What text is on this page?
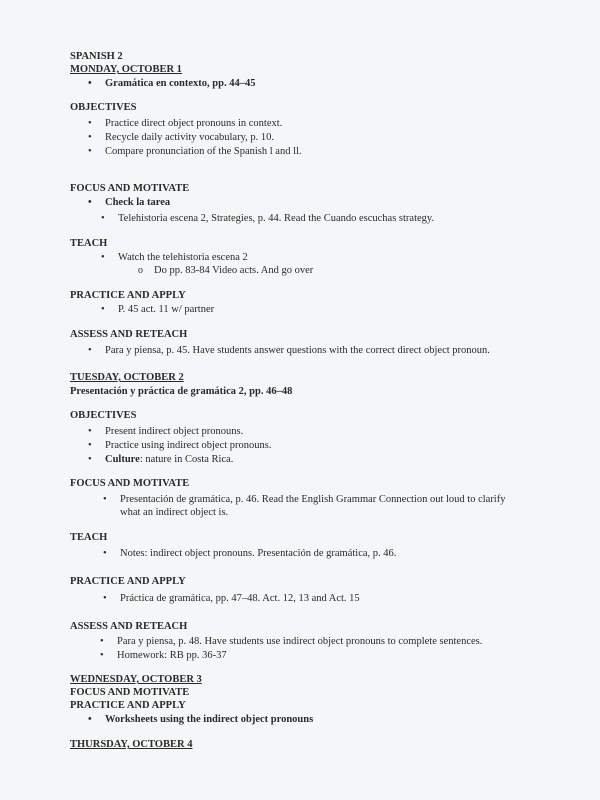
SPANISH 2
MONDAY, OCTOBER 1
• Gramática en contexto, pp. 44–45
OBJECTIVES
• Practice direct object pronouns in context.
• Recycle daily activity vocabulary, p. 10.
• Compare pronunciation of the Spanish l and ll.
FOCUS AND MOTIVATE
• Check la tarea
• Telehistoria escena 2, Strategies, p. 44. Read the Cuando escuchas strategy.
TEACH
• Watch the telehistoria escena 2
o Do pp. 83-84 Video acts. And go over
PRACTICE AND APPLY
• P. 45 act. 11 w/ partner
ASSESS AND RETEACH
• Para y piensa, p. 45. Have students answer questions with the correct direct object pronoun.
TUESDAY, OCTOBER 2
Presentación y práctica de gramática 2, pp. 46–48
OBJECTIVES
• Present indirect object pronouns.
• Practice using indirect object pronouns.
• Culture: nature in Costa Rica.
FOCUS AND MOTIVATE
• Presentación de gramática, p. 46. Read the English Grammar Connection out loud to clarify what an indirect object is.
TEACH
• Notes: indirect object pronouns. Presentación de gramática, p. 46.
PRACTICE AND APPLY
• Práctica de gramática, pp. 47–48. Act. 12, 13 and Act. 15
ASSESS AND RETEACH
• Para y piensa, p. 48. Have students use indirect object pronouns to complete sentences.
• Homework: RB pp. 36-37
WEDNESDAY, OCTOBER 3
FOCUS AND MOTIVATE
PRACTICE AND APPLY
• Worksheets using the indirect object pronouns
THURSDAY, OCTOBER 4
